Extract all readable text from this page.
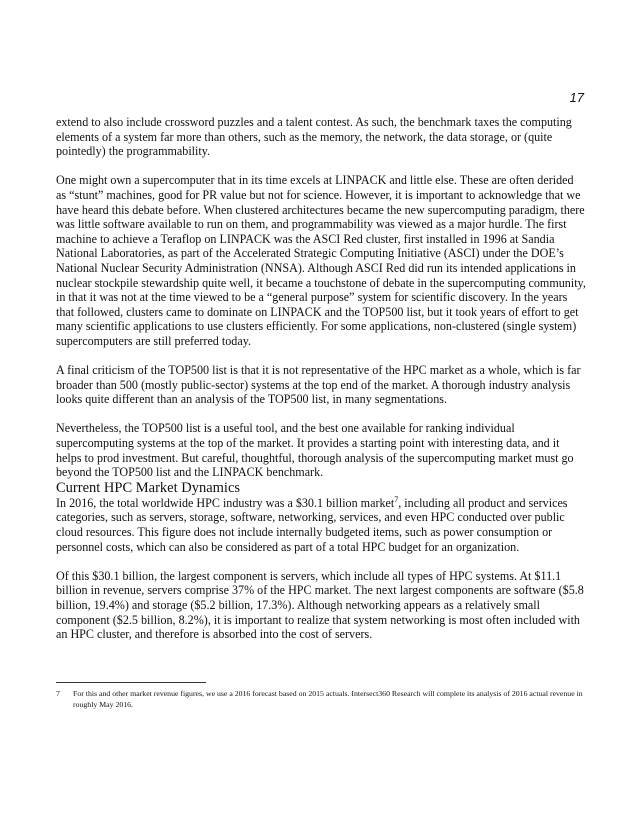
17

extend to also include crossword puzzles and a talent contest. As such, the benchmark taxes the computing elements of a system far more than others, such as the memory, the network, the data storage, or (quite pointedly) the programmability.

One might own a supercomputer that in its time excels at LINPACK and little else. These are often derided as “stunt” machines, good for PR value but not for science. However, it is important to acknowledge that we have heard this debate before. When clustered architectures became the new supercomputing paradigm, there was little software available to run on them, and programmability was viewed as a major hurdle. The first machine to achieve a Teraflop on LINPACK was the ASCI Red cluster, first installed in 1996 at Sandia National Laboratories, as part of the Accelerated Strategic Computing Initiative (ASCI) under the DOE’s National Nuclear Security Administration (NNSA). Although ASCI Red did run its intended applications in nuclear stockpile stewardship quite well, it became a touchstone of debate in the supercomputing community, in that it was not at the time viewed to be a “general purpose” system for scientific discovery. In the years that followed, clusters came to dominate on LINPACK and the TOP500 list, but it took years of effort to get many scientific applications to use clusters efficiently. For some applications, non-clustered (single system) supercomputers are still preferred today.

A final criticism of the TOP500 list is that it is not representative of the HPC market as a whole, which is far broader than 500 (mostly public-sector) systems at the top end of the market. A thorough industry analysis looks quite different than an analysis of the TOP500 list, in many segmentations.

Nevertheless, the TOP500 list is a useful tool, and the best one available for ranking individual supercomputing systems at the top of the market. It provides a starting point with interesting data, and it helps to prod investment. But careful, thoughtful, thorough analysis of the supercomputing market must go beyond the TOP500 list and the LINPACK benchmark.

Current HPC Market Dynamics

In 2016, the total worldwide HPC industry was a $30.1 billion market$^7$, including all product and services categories, such as servers, storage, software, networking, services, and even HPC conducted over public cloud resources. This figure does not include internally budgeted items, such as power consumption or personnel costs, which can also be considered as part of a total HPC budget for an organization.

Of this $30.1 billion, the largest component is servers, which include all types of HPC systems. At $11.1 billion in revenue, servers comprise 37% of the HPC market. The next largest components are software ($5.8 billion, 19.4%) and storage ($5.2 billion, 17.3%). Although networking appears as a relatively small component ($2.5 billion, 8.2%), it is important to realize that system networking is most often included with an HPC cluster, and therefore is absorbed into the cost of servers.

7	For this and other market revenue figures, we use a 2016 forecast based on 2015 actuals. Intersect360 Research will complete its analysis of 2016 actual revenue in roughly May 2016.
